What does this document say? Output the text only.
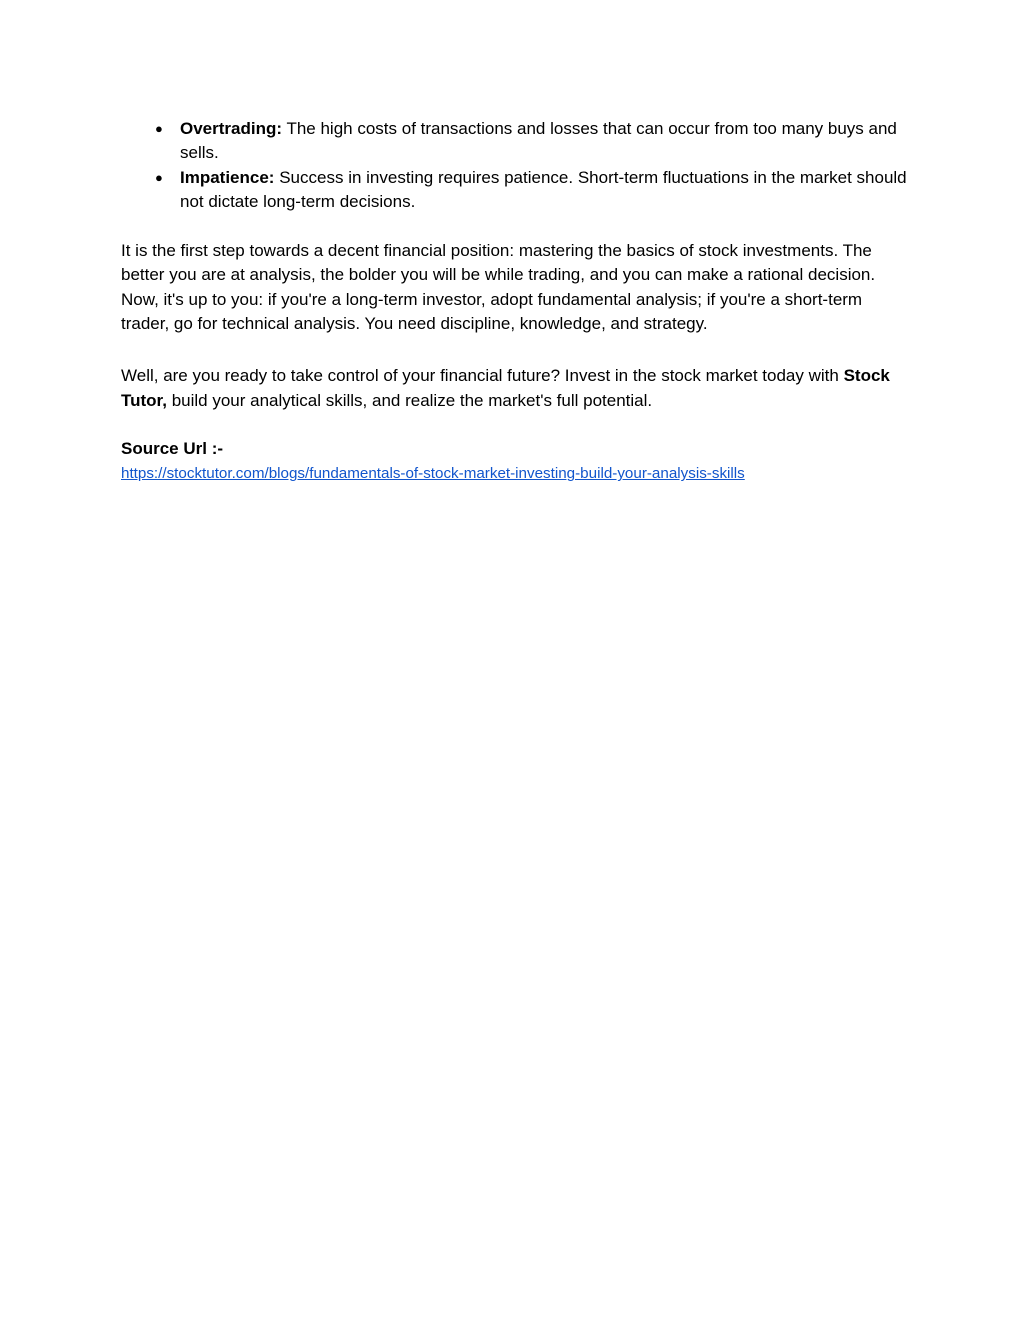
● Overtrading: The high costs of transactions and losses that can occur from too many buys and sells.
● Impatience: Success in investing requires patience. Short-term fluctuations in the market should not dictate long-term decisions.

It is the first step towards a decent financial position: mastering the basics of stock investments. The better you are at analysis, the bolder you will be while trading, and you can make a rational decision. Now, it's up to you: if you're a long-term investor, adopt fundamental analysis; if you're a short-term trader, go for technical analysis. You need discipline, knowledge, and strategy.

Well, are you ready to take control of your financial future? Invest in the stock market today with Stock Tutor, build your analytical skills, and realize the market's full potential.

Source Url :-

https://stocktutor.com/blogs/fundamentals-of-stock-market-investing-build-your-analysis-skills
